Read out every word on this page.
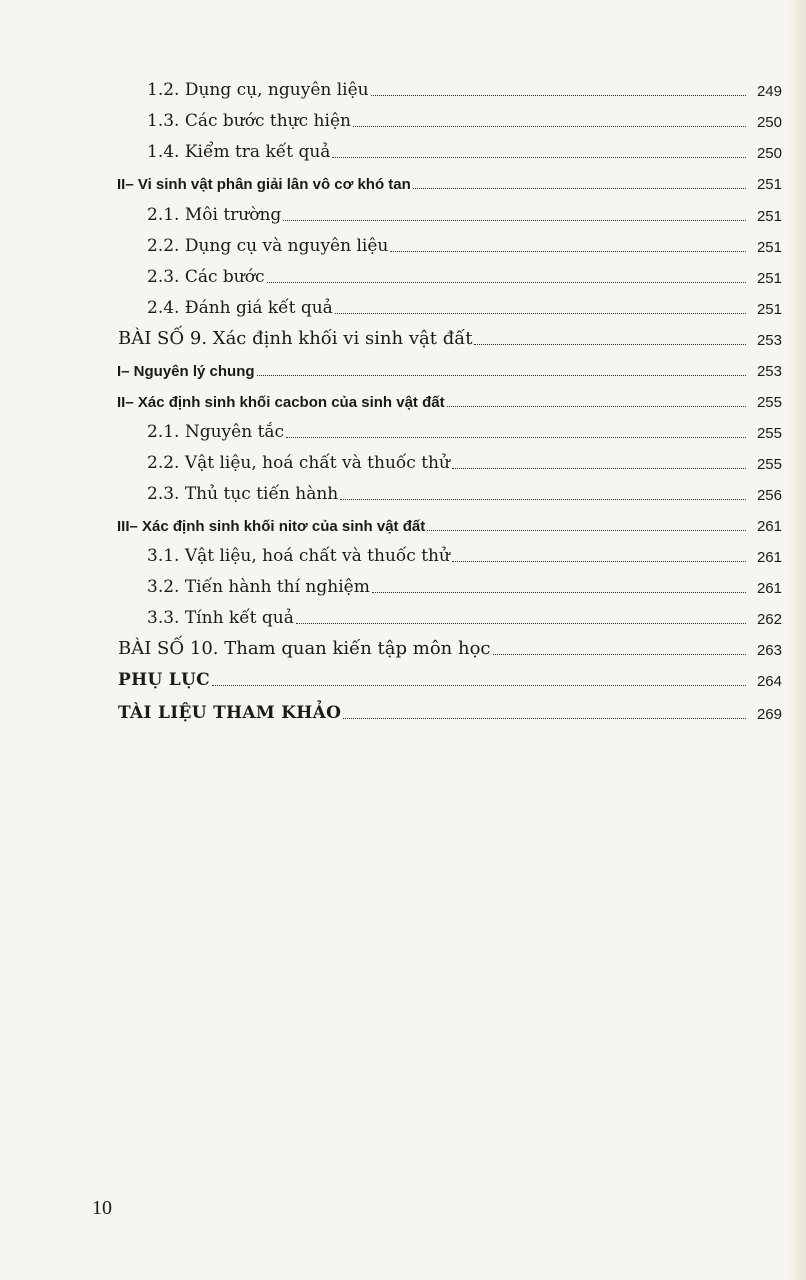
1.2. Dụng cụ, nguyên liệu	249
1.3. Các bước thực hiện	250
1.4. Kiểm tra kết quả	250
II– Vi sinh vật phân giải lân vô cơ khó tan	251
2.1. Môi trường	251
2.2. Dụng cụ và nguyên liệu	251
2.3. Các bước	251
2.4. Đánh giá kết quả	251
BÀI SỐ 9. Xác định khối vi sinh vật đất	253
I– Nguyên lý chung	253
II– Xác định sinh khối cacbon của sinh vật đất	255
2.1. Nguyên tắc	255
2.2. Vật liệu, hoá chất và thuốc thử	255
2.3. Thủ tục tiến hành	256
III– Xác định sinh khối nitơ của sinh vật đất	261
3.1. Vật liệu, hoá chất và thuốc thử	261
3.2. Tiến hành thí nghiệm	261
3.3. Tính kết quả	262
BÀI SỐ 10. Tham quan kiến tập môn học	263
PHỤ LỤC	264
TÀI LIỆU THAM KHẢO	269
10
